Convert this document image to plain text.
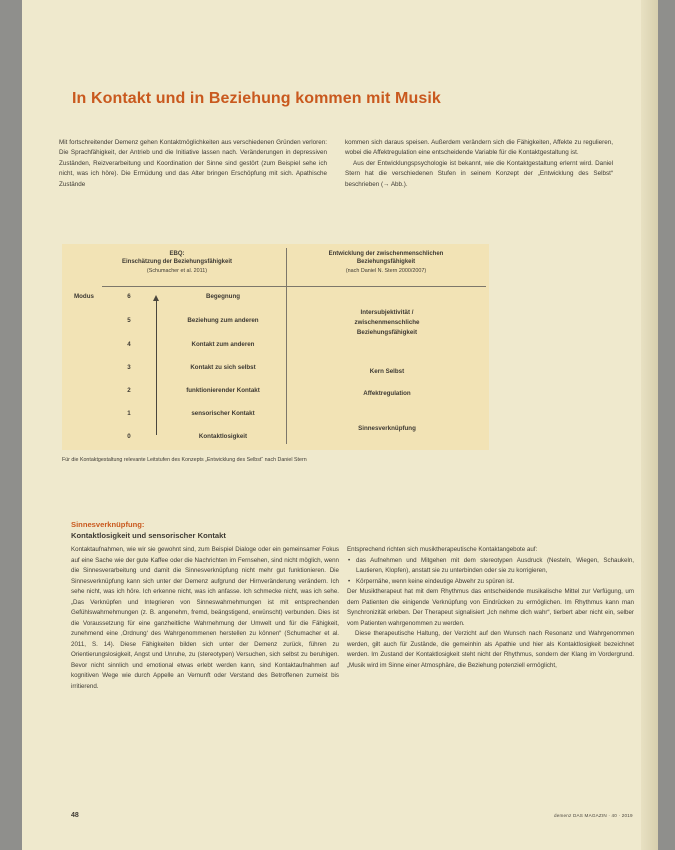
In Kontakt und in Beziehung kommen mit Musik

Mit fortschreitender Demenz gehen Kontaktmöglichkeiten aus verschiedenen Gründen verloren: Die Sprachfähigkeit, der Antrieb und die Initiative lassen nach. Veränderungen in depressiven Zuständen, Reizverarbeitung und Koordination der Sinne sind gestört (zum Beispiel sehe ich nicht, was ich höre). Die Ermüdung und das Alter bringen Erschöpfung mit sich. Apathische Zustände

kommen sich daraus speisen. Außerdem verändern sich die Fähigkeiten, Affekte zu regulieren, wobei die Affektregulation eine entscheidende Variable für die Kontaktgestaltung ist.

Aus der Entwicklungspsychologie ist bekannt, wie die Kontaktgestaltung erlernt wird. Daniel Stern hat die verschiedenen Stufen in seinem Konzept der „Entwicklung des Selbst“ beschrieben (→ Abb.).

EBQ:
Einschätzung der Beziehungsfähigkeit
(Schumacher et al. 2011)
Entwicklung der zwischenmenschlichen
Beziehungsfähigkeit
(nach Daniel N. Stern 2000/2007)
Modus	6	Begegnung
5	Beziehung zum anderen
4	Kontakt zum anderen
3	Kontakt zu sich selbst
2	funktionierender Kontakt
1	sensorischer Kontakt
0	Kontaktlosigkeit
Intersubjektivität /
zwischenmenschliche
Beziehungsfähigkeit
Kern Selbst
Affektregulation
Sinnesverknüpfung
Für die Kontaktgestaltung relevante Leitstufen des Konzepts „Entwicklung des Selbst“ nach Daniel Stern
Sinnesverknüpfung:
Kontaktlosigkeit und sensorischer Kontakt

Kontaktaufnahmen, wie wir sie gewohnt sind, zum Beispiel Dialoge oder ein gemeinsamer Fokus auf eine Sache wie der gute Kaffee oder die Nachrichten im Fernsehen, sind nicht möglich, wenn die Sinnesverarbeitung und damit die Sinnesverknüpfung nicht mehr gut funktionieren. Die Sinnesverknüpfung kann sich unter der Demenz aufgrund der Hirnveränderung verändern. Ich sehe nicht, was ich höre. Ich erkenne nicht, was ich anfasse. Ich schmecke nicht, was ich sehe. „Das Verknüpfen und Integrieren von Sinneswahrnehmungen ist mit entsprechenden Gefühlswahrnehmungen (z. B. angenehm, fremd, beängstigend, erwünscht) verbunden. Dies ist die Voraussetzung für eine ganzheitliche Wahrnehmung der Umwelt und für die Fähigkeit, zunehmend eine ‚Ordnung‘ des Wahrgenommenen herstellen zu können“ (Schumacher et al. 2011, S. 14). Diese Fähigkeiten bilden sich unter der Demenz zurück, führen zu Orientierungslosigkeit, Angst und Unruhe, zu (stereotypen) Versuchen, sich selbst zu beruhigen. Bevor nicht sinnlich und emotional etwas erlebt werden kann, sind Kontaktaufnahmen auf kognitiven Wege wie durch Appelle an Vernunft oder Verstand des Betroffenen zumeist bis irritierend.

Entsprechend richten sich musiktherapeutische Kontaktangebote auf:

• das Aufnehmen und Mitgehen mit dem stereotypen Ausdruck (Nesteln, Wiegen, Schaukeln, Lautieren, Klopfen), anstatt sie zu unterbinden oder sie zu korrigieren,
• Körpernähe, wenn keine eindeutige Abwehr zu spüren ist.

Der Musiktherapeut hat mit dem Rhythmus das entscheidende musikalische Mittel zur Verfügung, um dem Patienten die einigende Verknüpfung von Eindrücken zu ermöglichen. Im Rhythmus kann man Synchronizität erleben. Der Therapeut signalisiert „Ich nehme dich wahr“, tierbert aber nicht ein, selber vom Patienten wahrgenommen zu werden.

Diese therapeutische Haltung, der Verzicht auf den Wunsch nach Resonanz und Wahrgenommen werden, gilt auch für Zustände, die gemeinhin als Apathie und hier als Kontaktlosigkeit bezeichnet werden. Im Zustand der Kontaktlosigkeit steht nicht der Rhythmus, sondern der Klang im Vordergrund. „Musik wird im Sinne einer Atmosphäre, die Beziehung potenziell ermöglicht,

48	demenz DAS MAGAZIN · 40 · 2019
